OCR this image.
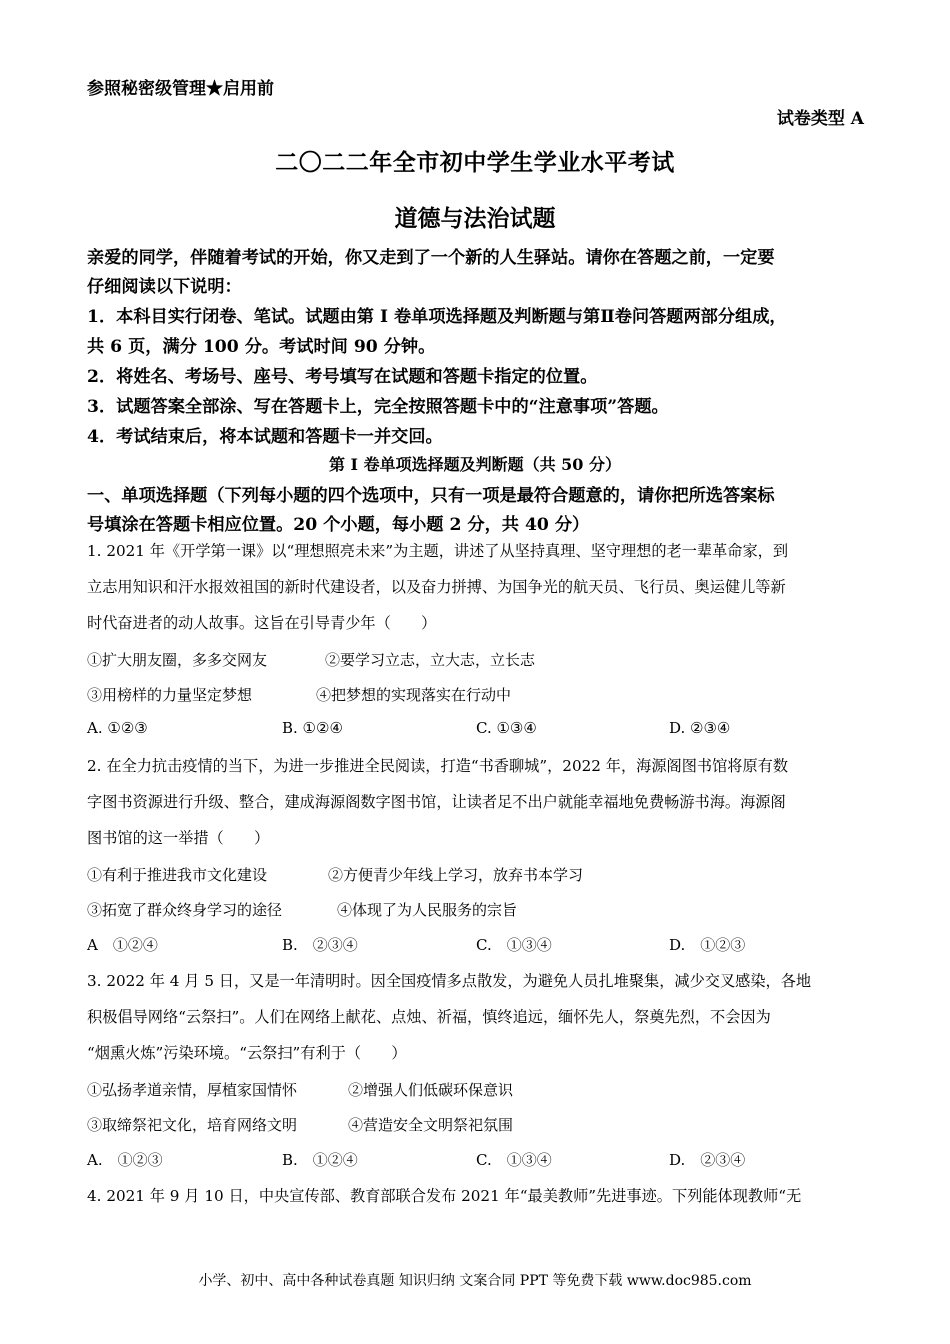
参照秘密级管理★启用前
试卷类型 A
二〇二二年全市初中学生学业水平考试
道德与法治试题
亲爱的同学，伴随着考试的开始，你又走到了一个新的人生驿站。请你在答题之前，一定要
仔细阅读以下说明：
1．本科目实行闭卷、笔试。试题由第 I 卷单项选择题及判断题与第Ⅱ卷问答题两部分组成，
共 6 页，满分 100 分。考试时间 90 分钟。
2．将姓名、考场号、座号、考号填写在试题和答题卡指定的位置。
3．试题答案全部涂、写在答题卡上，完全按照答题卡中的“注意事项”答题。
4．考试结束后，将本试题和答题卡一并交回。
第 I 卷单项选择题及判断题（共 50 分）
一、单项选择题（下列每小题的四个选项中，只有一项是最符合题意的，请你把所选答案标
号填涂在答题卡相应位置。20 个小题，每小题 2 分，共 40 分）
1. 2021 年《开学第一课》以“理想照亮未来”为主题，讲述了从坚持真理、坚守理想的老一辈革命家，到
立志用知识和汗水报效祖国的新时代建设者，以及奋力拼搏、为国争光的航天员、飞行员、奥运健儿等新
时代奋进者的动人故事。这旨在引导青少年（　　）
①扩大朋友圈，多多交网友	②要学习立志，立大志，立长志
③用榜样的力量坚定梦想	④把梦想的实现落实在行动中
A. ①②③	B. ①②④	C. ①③④	D. ②③④
2. 在全力抗击疫情的当下，为进一步推进全民阅读，打造“书香聊城”，2022 年，海源阁图书馆将原有数
字图书资源进行升级、整合，建成海源阁数字图书馆，让读者足不出户就能幸福地免费畅游书海。海源阁
图书馆的这一举措（　　）
①有利于推进我市文化建设	②方便青少年线上学习，放弃书本学习
③拓宽了群众终身学习的途径	④体现了为人民服务的宗旨
A　①②④	B.　②③④	C.　①③④	D.　①②③
3. 2022 年 4 月 5 日，又是一年清明时。因全国疫情多点散发，为避免人员扎堆聚集，减少交叉感染，各地
积极倡导网络“云祭扫”。人们在网络上献花、点烛、祈福，慎终追远，缅怀先人，祭奠先烈，不会因为
“烟熏火炼”污染环境。“云祭扫”有利于（　　）
①弘扬孝道亲情，厚植家国情怀	②增强人们低碳环保意识
③取缔祭祀文化，培育网络文明	④营造安全文明祭祀氛围
A.　①②③	B.　①②④	C.　①③④	D.　②③④
4. 2021 年 9 月 10 日，中央宣传部、教育部联合发布 2021 年“最美教师”先进事迹。下列能体现教师“无
小学、初中、高中各种试卷真题 知识归纳 文案合同 PPT 等免费下载 www.doc985.com
